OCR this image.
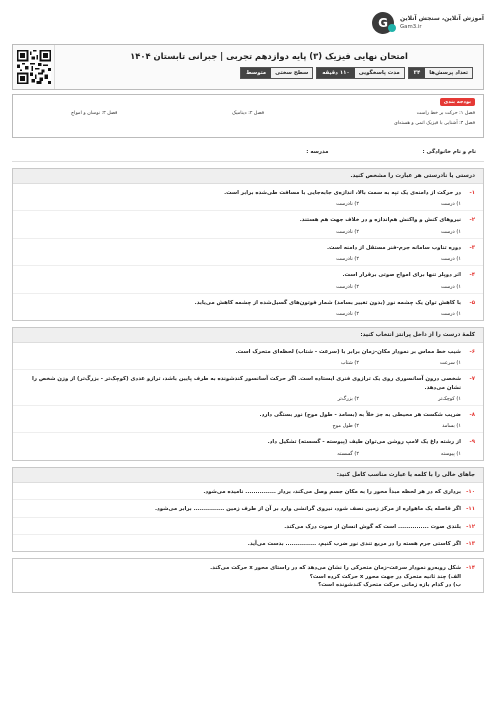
G
آموزش آنلاین، سنجش آنلاین
Gam3.ir
امتحان نهایی فیزیک (۳) پایه دوازدهم تجربی | جبرانی تابستان ۱۴۰۴
تعداد پرسش‌ها
۳۴
مدت پاسخگویی
۱۱۰ دقیقه
سطح سختی
متوسط
بودجه بندی
فصل ۱: حرکت بر خط راست
فصل ۲: دینامیک
فصل ۳: نوسان و امواج
فصل ۴: آشنایی با فیزیک اتمی و هسته‌ای
نام و نام خانوادگی :
مدرسه :
درستی یا نادرستی هر عبارت را مشخص کنید.
۱-
در حرکت از دامنه‌ی یک تپه به سمت بالا، اندازه‌ی جابه‌جایی با مسافت طی‌شده برابر است.
۱) درست
۲) نادرست
۲-
نیروهای کنش و واکنش هم‌اندازه و در خلاف جهت هم هستند.
۱) درست
۲) نادرست
۳-
دوره تناوب سامانه جرم-فنر مستقل از دامنه است.
۱) درست
۲) نادرست
۴-
اثر دوپلر تنها برای امواج صوتی برقرار است.
۱) درست
۲) نادرست
۵-
با کاهش توان یک چشمه نور (بدون تغییر بسامد) شمار فوتون‌های گسیل‌شده از چشمه کاهش می‌یابد.
۱) درست
۲) نادرست
کلمهٔ درست را از داخل پرانتز انتخاب کنید:
۶-
شیب خط مماس بر نمودار مکان-زمان برابر با (سرعت - شتاب) لحظه‌ای متحرک است.
۱) سرعت
۲) شتاب
۷-
شخصی درون آسانسوری روی یک ترازوی فنری ایستاده است. اگر حرکت آسانسور کندشونده به طرف پایین باشد، ترازو عددی (کوچک‌تر - بزرگ‌تر) از وزن شخص را نشان می‌دهد.
۱) کوچک‌تر
۲) بزرگ‌تر
۸-
ضریب شکست هر محیطی به جز خلأ به (بسامد - طول موج) نور بستگی دارد.
۱) بسامد
۲) طول موج
۹-
از رشته داغ یک لامپ روشن می‌توان طیف (پیوسته - گسسته) تشکیل داد.
۱) پیوسته
۲) گسسته
جاهای خالی را با کلمه یا عبارت مناسب کامل کنید:
۱۰-
برداری که در هر لحظه مبدأ محور را به مکان جسم وصل می‌کند، بردار ............... نامیده می‌شود.
۱۱-
اگر فاصله یک ماهواره از مرکز زمین نصف شود، نیروی گرانشی وارد بر آن از طرف زمین ............... برابر می‌شود.
۱۲-
بلندی صوت ............... است که گوش انسان از صوت درک می‌کند.
۱۳-
اگر کاستی جرم هسته را در مربع تندی نور ضرب کنیم، ............... بدست می‌آید.
۱۴-
شکل روبه‌رو نمودار سرعت-زمان متحرکی را نشان می‌دهد که در راستای محور x حرکت می‌کند.
الف) چند ثانیه متحرک در جهت محور x حرکت کرده است؟
ب) در کدام بازه زمانی حرکت متحرک کندشونده است؟
